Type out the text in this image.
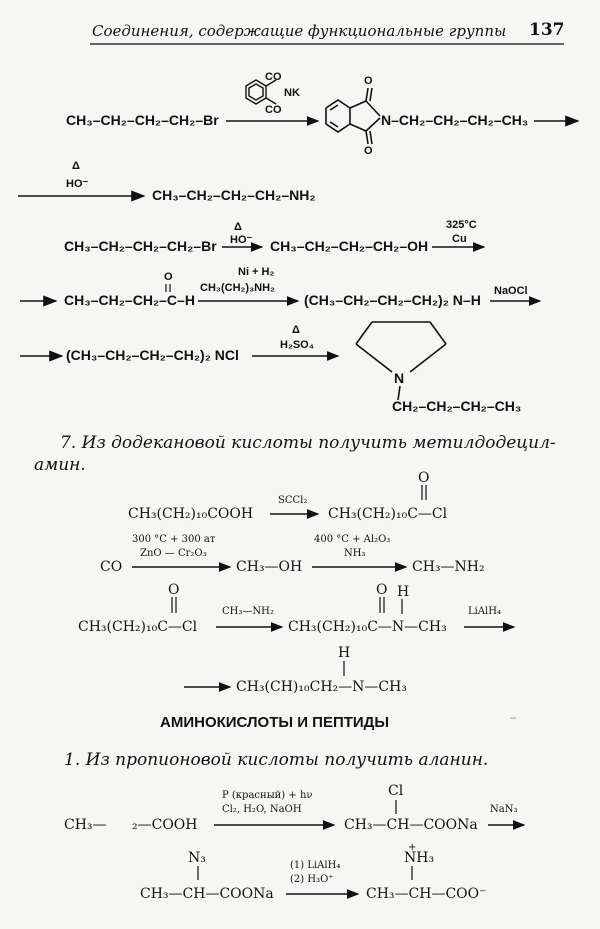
Соединения, содержащие функциональные группы 137
CO
CO
NK
CH₃–CH₂–CH₂–CH₂–Br
O
O
N–CH₂–CH₂–CH₂–CH₃
Δ
HO⁻
CH₃–CH₂–CH₂–CH₂–NH₂
CH₃–CH₂–CH₂–CH₂–Br
Δ
HO⁻ CH₃–CH₂–CH₂–CH₂–OH
325°C
Cu
O
CH₃–CH₂–CH₂–C–H
Ni + H₂
CH₃(CH₂)₃NH₂
(CH₃–CH₂–CH₂–CH₂)₂ N–H
NaOCl
(CH₃–CH₂–CH₂–CH₂)₂ NCl
Δ
H₂SO₄
N
CH₂–CH₂–CH₂–CH₃
7. Из додекановой кислоты получить метилдодецил-
амин.
CH₃(CH₂)₁₀COOH
SCCl₂
O
CH₃(CH₂)₁₀C—Cl
300 °C + 300 ат
ZnO — Cr₂O₃
CO	CH₃—OH
400 °C + Al₂O₃
NH₃
CH₃—NH₂
O
CH₃(CH₂)₁₀C—Cl
CH₃—NH₂
O H
CH₃(CH₂)₁₀C—N—CH₃
LiAlH₄
H
CH₃(CH)₁₀CH₂—N—CH₃
АМИНОКИСЛОТЫ И ПЕПТИДЫ
1. Из пропионовой кислоты получить аланин.
CH₃— ₂—COOH
P (красный) + hν
Cl₂, H₂O, NaOH
Cl
CH₃—CH—COONa
NaN₃
N₃
CH₃—CH—COONa
(1) LiAlH₄
(2) H₃O⁺
+
NH₃
CH₃—CH—COO⁻
